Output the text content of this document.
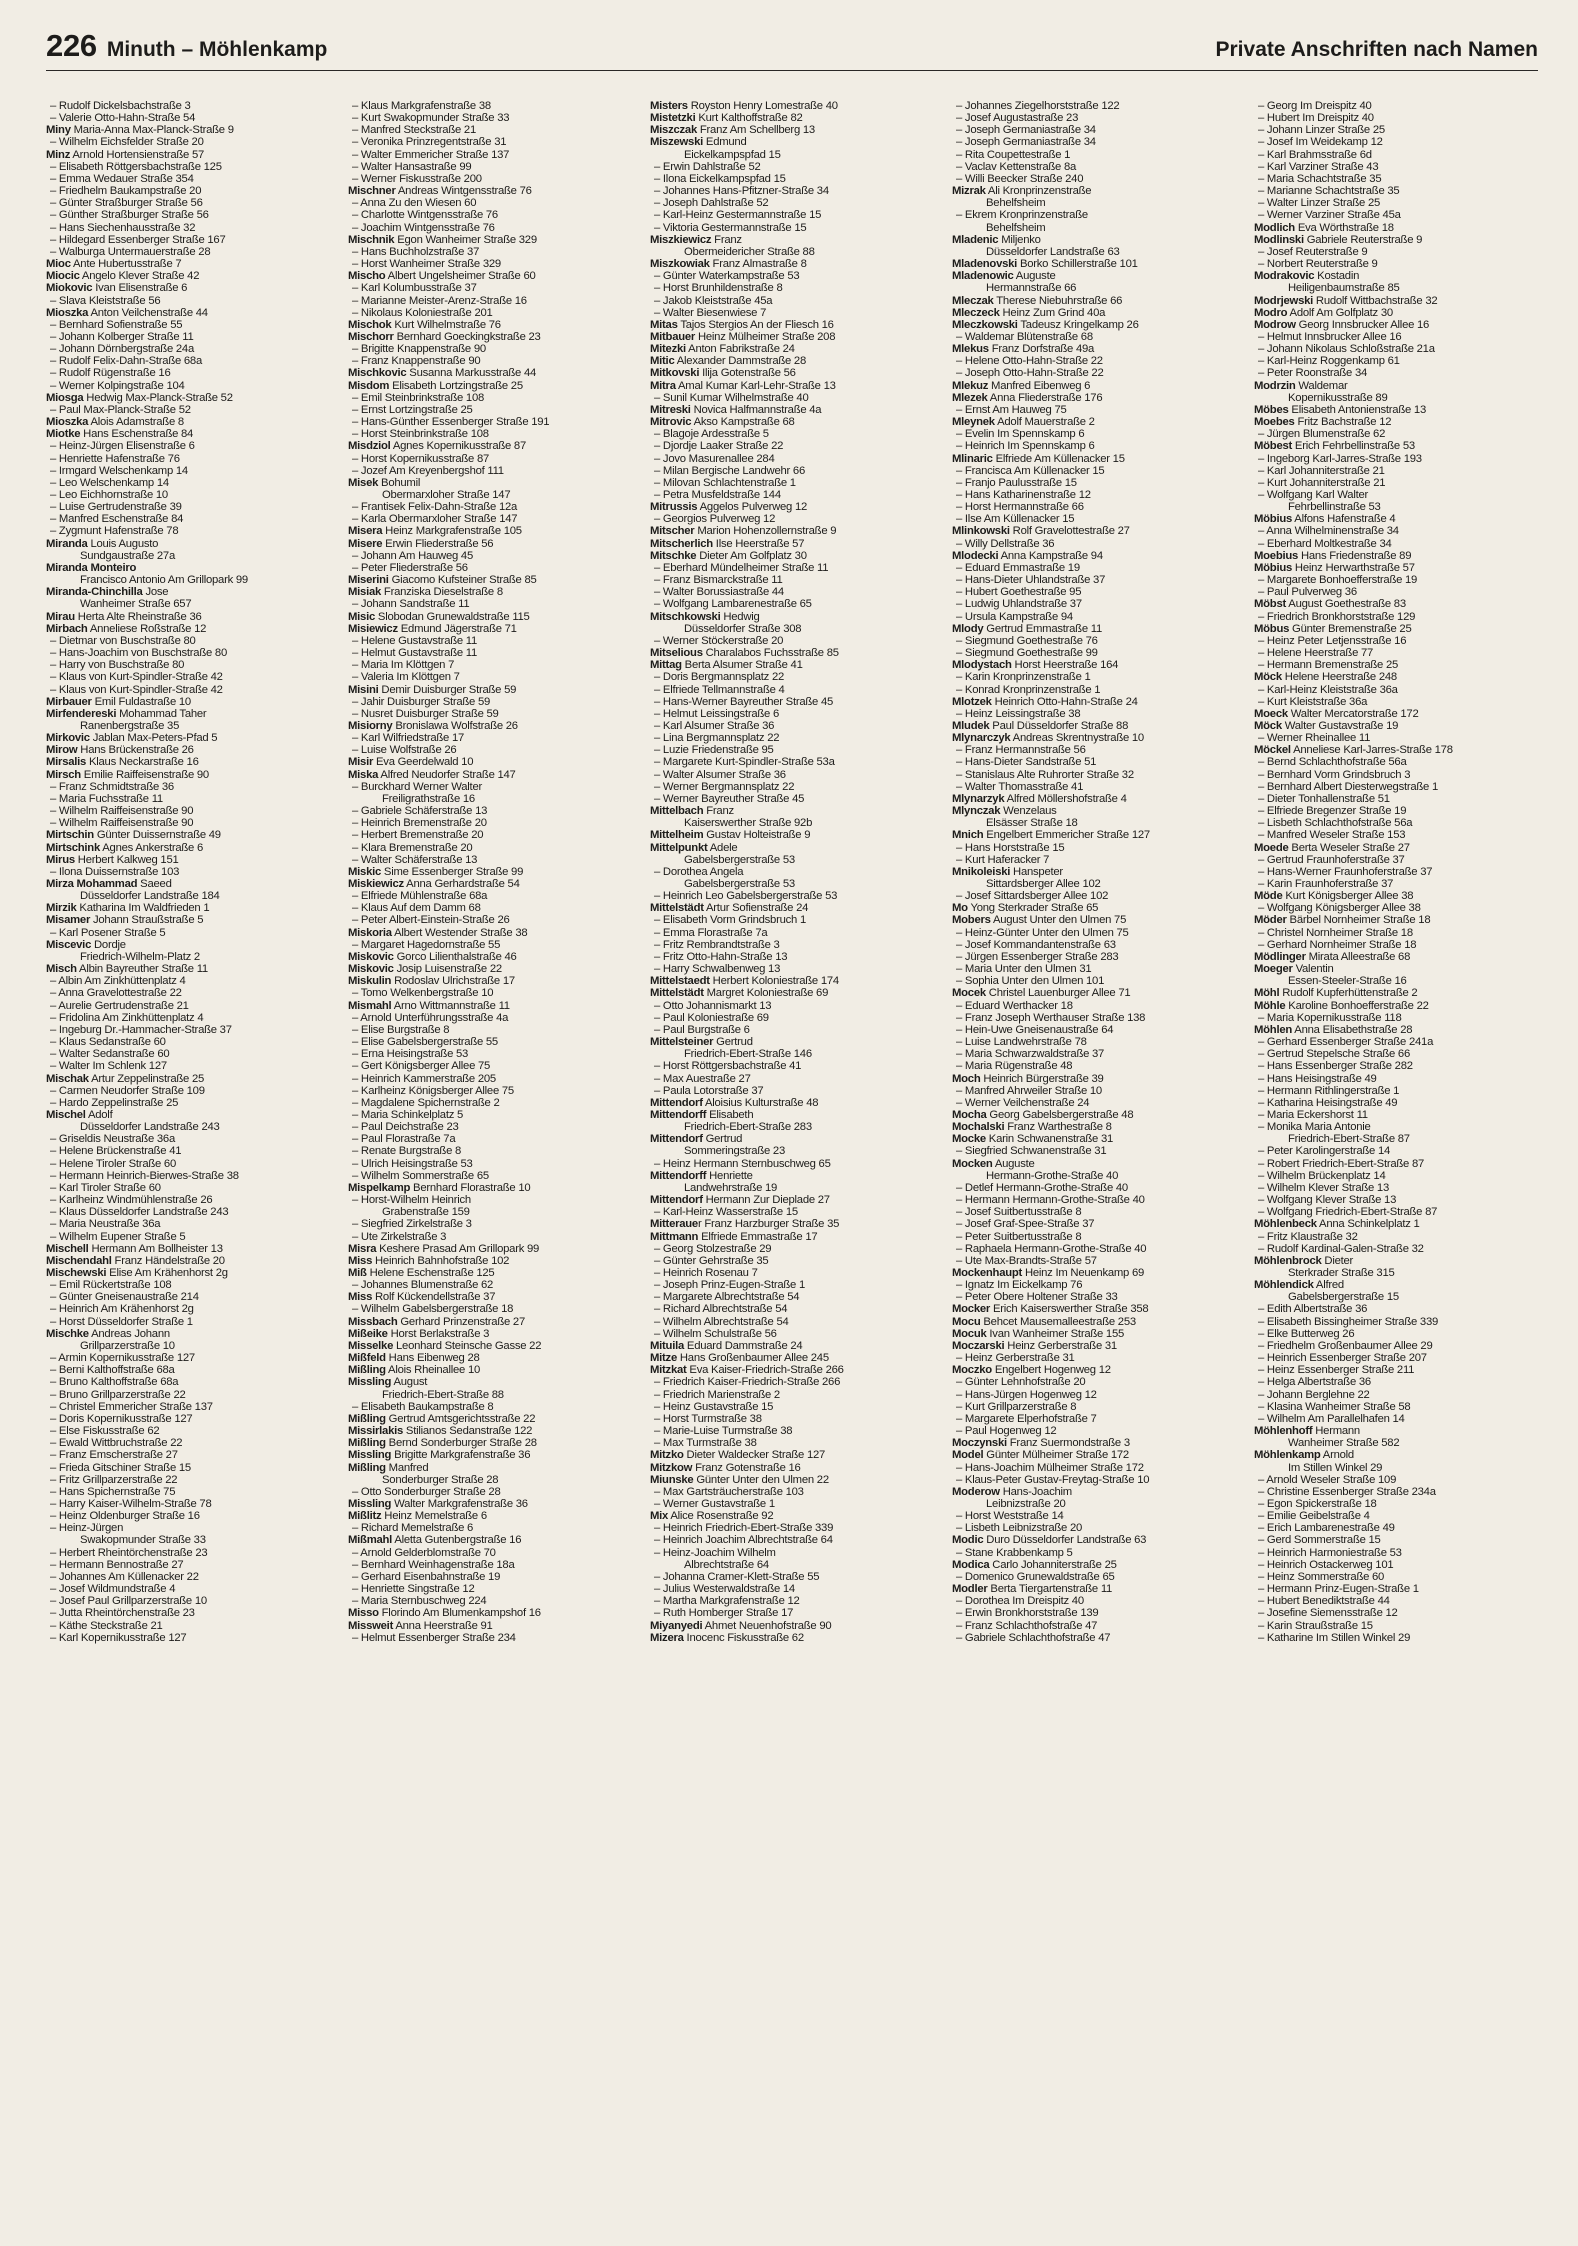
226 Minuth – Möhlenkamp	Private Anschriften nach Namen
– Rudolf Dickelsbachstraße 3
– Valerie Otto-Hahn-Straße 54
Miny Maria-Anna Max-Planck-Straße 9
– Wilhelm Eichsfelder Straße 20
Minz Arnold Hortensienstraße 57
– Elisabeth Röttgersbachstraße 125
– Emma Wedauer Straße 354
– Friedhelm Baukampstraße 20
– Günter Straßburger Straße 56
– Günther Straßburger Straße 56
– Hans Siechenhausstraße 32
– Hildegard Essenberger Straße 167
– Walburga Untermauerstraße 28
Mioc Ante Hubertusstraße 7
Miocic Angelo Klever Straße 42
Miokovic Ivan Elisenstraße 6
– Slava Kleiststraße 56
Mioszka Anton Veilchenstraße 44
– Bernhard Sofienstraße 55
– Johann Kolberger Straße 11
– Johann Dörnbergstraße 24a
– Rudolf Felix-Dahn-Straße 68a
– Rudolf Rügenstraße 16
– Werner Kolpingstraße 104
Miosga Hedwig Max-Planck-Straße 52
– Paul Max-Planck-Straße 52
Mioszka Alois Adamstraße 8
Miotke Hans Eschenstraße 84
– Heinz-Jürgen Elisenstraße 6
– Henriette Hafenstraße 76
– Irmgard Welschenkamp 14
– Leo Welschenkamp 14
– Leo Eichhornstraße 10
– Luise Gertrudenstraße 39
– Manfred Eschenstraße 84
– Zygmunt Hafenstraße 78
Miranda Louis Augusto
Sundgaustraße 27a
Miranda Monteiro
Francisco Antonio Am Grillopark 99
Miranda-Chinchilla Jose
Wanheimer Straße 657
Mirau Herta Alte Rheinstraße 36
Mirbach Anneliese Roßstraße 12
– Dietmar von Buschstraße 80
– Hans-Joachim von Buschstraße 80
– Harry von Buschstraße 80
– Klaus von Kurt-Spindler-Straße 42
– Klaus von Kurt-Spindler-Straße 42
Mirbauer Emil Fuldastraße 10
Mirfendereski Mohammad Taher
Ranenbergstraße 35
Mirkovic Jablan Max-Peters-Pfad 5
Mirow Hans Brückenstraße 26
Mirsalis Klaus Neckarstraße 16
Mirsch Emilie Raiffeisenstraße 90
– Franz Schmidtstraße 36
– Maria Fuchsstraße 11
– Wilhelm Raiffeisenstraße 90
– Wilhelm Raiffeisenstraße 90
Mirtschin Günter Duissernstraße 49
Mirtschink Agnes Ankerstraße 6
Mirus Herbert Kalkweg 151
– Ilona Duissernstraße 103
Mirza Mohammad Saeed
Düsseldorfer Landstraße 184
Mirzik Katharina Im Waldfrieden 1
Misamer Johann Straußstraße 5
– Karl Posener Straße 5
Miscevic Dordje
Friedrich-Wilhelm-Platz 2
Misch Albin Bayreuther Straße 11
– Albin Am Zinkhüttenplatz 4
– Anna Gravelottestraße 22
– Aurelie Gertrudenstraße 21
– Fridolina Am Zinkhüttenplatz 4
– Ingeburg Dr.-Hammacher-Straße 37
– Klaus Sedanstraße 60
– Walter Sedanstraße 60
– Walter Im Schlenk 127
Mischak Artur Zeppelinstraße 25
– Carmen Neudorfer Straße 109
– Hardo Zeppelinstraße 25
Mischel Adolf
Düsseldorfer Landstraße 243
– Griseldis Neustraße 36a
– Helene Brückenstraße 41
– Helene Tiroler Straße 60
– Hermann Heinrich-Bierwes-Straße 38
– Karl Tiroler Straße 60
– Karlheinz Windmühlenstraße 26
– Klaus Düsseldorfer Landstraße 243
– Maria Neustraße 36a
– Wilhelm Eupener Straße 5
Mischell Hermann Am Bollheister 13
Mischendahl Franz Händelstraße 20
Mischewski Elise Am Krähenhorst 2g
– Emil Rückertstraße 108
– Günter Gneisenaustraße 214
– Heinrich Am Krähenhorst 2g
– Horst Düsseldorfer Straße 1
Mischke Andreas Johann
Grillparzerstraße 10
– Armin Kopernikusstraße 127
– Berni Kalthoffstraße 68a
– Bruno Kalthoffstraße 68a
– Bruno Grillparzerstraße 22
– Christel Emmericher Straße 137
– Doris Kopernikusstraße 127
– Else Fiskusstraße 62
– Ewald Wittbruchstraße 22
– Franz Emscherstraße 27
– Frieda Gitschiner Straße 15
– Fritz Grillparzerstraße 22
– Hans Spichernstraße 75
– Harry Kaiser-Wilhelm-Straße 78
– Heinz Oldenburger Straße 16
– Heinz-Jürgen
Swakopmunder Straße 33
– Herbert Rheintörchenstraße 23
– Hermann Bennostraße 27
– Johannes Am Küllenacker 22
– Josef Wildmundstraße 4
– Josef Paul Grillparzerstraße 10
– Jutta Rheintörchenstraße 23
– Käthe Steckstraße 21
– Karl Kopernikusstraße 127
– Klaus Markgrafenstraße 38
– Kurt Swakopmunder Straße 33
– Manfred Steckstraße 21
– Veronika Prinzregentstraße 31
– Walter Emmericher Straße 137
– Walter Hansastraße 99
– Werner Fiskusstraße 200
Mischner Andreas Wintgensstraße 76
– Anna Zu den Wiesen 60
– Charlotte Wintgensstraße 76
– Joachim Wintgensstraße 76
Mischnik Egon Wanheimer Straße 329
– Hans Buchholzstraße 37
– Horst Wanheimer Straße 329
Mischo Albert Ungelsheimer Straße 60
– Karl Kolumbusstraße 37
– Marianne Meister-Arenz-Straße 16
– Nikolaus Koloniestraße 201
Mischok Kurt Wilhelmstraße 76
Mischorr Bernhard Goeckingkstraße 23
– Brigitte Knappenstraße 90
– Franz Knappenstraße 90
Mischkovic Susanna Markusstraße 44
Misdom Elisabeth Lortzingstraße 25
– Emil Steinbrinkstraße 108
– Ernst Lortzingstraße 25
– Hans-Günther Essenberger Straße 191
– Horst Steinbrinkstraße 108
Misdziol Agnes Kopernikusstraße 87
– Horst Kopernikusstraße 87
– Jozef Am Kreyenbergshof 111
Misek Bohumil
Obermarxloher Straße 147
– Frantisek Felix-Dahn-Straße 12a
– Karla Obermarxloher Straße 147
Misera Heinz Markgrafenstraße 105
Misere Erwin Fliederstraße 56
– Johann Am Hauweg 45
– Peter Fliederstraße 56
Miserini Giacomo Kufsteiner Straße 85
Misiak Franziska Dieselstraße 8
– Johann Sandstraße 11
Misic Slobodan Grunewaldstraße 115
Misiewicz Edmund Jägerstraße 71
– Helene Gustavstraße 11
– Helmut Gustavstraße 11
– Maria Im Klöttgen 7
– Valeria Im Klöttgen 7
Misini Demir Duisburger Straße 59
– Jahir Duisburger Straße 59
– Nusret Duisburger Straße 59
Misiorny Bronislawa Wolfstraße 26
– Karl Wilfriedstraße 17
– Luise Wolfstraße 26
Misir Eva Geerdelwald 10
Miska Alfred Neudorfer Straße 147
– Burckhard Werner Walter
Freiligrathstraße 16
– Gabriele Schäferstraße 13
– Heinrich Bremenstraße 20
– Herbert Bremenstraße 20
– Klara Bremenstraße 20
– Walter Schäferstraße 13
Miskic Sime Essenberger Straße 99
Miskiewicz Anna Gerhardstraße 54
– Elfriede Mühlenstraße 68a
– Klaus Auf dem Damm 68
– Peter Albert-Einstein-Straße 26
Miskoria Albert Westender Straße 38
– Margaret Hagedornstraße 55
Miskovic Gorco Lilienthalstraße 46
Miskovic Josip Luisenstraße 22
Miskulin Rodoslav Ulrichstraße 17
– Tomo Welkenbergstraße 10
Mismahl Arno Wittmannstraße 11
– Arnold Unterführungsstraße 4a
– Elise Burgstraße 8
– Elise Gabelsbergerstraße 55
– Erna Heisingstraße 53
– Gert Königsberger Allee 75
– Heinrich Kammerstraße 205
– Karlheinz Königsberger Allee 75
– Magdalene Spichernstraße 2
– Maria Schinkelplatz 5
– Paul Deichstraße 23
– Paul Florastraße 7a
– Renate Burgstraße 8
– Ulrich Heisingstraße 53
– Wilhelm Sommerstraße 65
Mispelkamp Bernhard Florastraße 10
– Horst-Wilhelm Heinrich
Grabenstraße 159
– Siegfried Zirkelstraße 3
– Ute Zirkelstraße 3
Misra Keshere Prasad Am Grillopark 99
Miss Heinrich Bahnhofstraße 102
Miß Helene Eschenstraße 125
– Johannes Blumenstraße 62
Miss Rolf Kückendellstraße 37
– Wilhelm Gabelsbergerstraße 18
Missbach Gerhard Prinzenstraße 27
Mißeike Horst Berlakstraße 3
Misselke Leonhard Steinsche Gasse 22
Mißfeld Hans Eibenweg 28
Mißling Alois Rheinallee 10
Missling August
Friedrich-Ebert-Straße 88
– Elisabeth Baukampstraße 8
Mißling Gertrud Amtsgerichtsstraße 22
Missirlakis Stilianos Sedanstraße 122
Mißling Bernd Sonderburger Straße 28
Missling Brigitte Markgrafenstraße 36
Mißling Manfred
Sonderburger Straße 28
– Otto Sonderburger Straße 28
Missling Walter Markgrafenstraße 36
Mißlitz Heinz Memelstraße 6
– Richard Memelstraße 6
Mißmahl Aletta Gutenbergstraße 16
– Arnold Gelderblomstraße 70
– Bernhard Weinhagenstraße 18a
– Gerhard Eisenbahnstraße 19
– Henriette Singstraße 12
– Maria Sternbuschweg 224
Misso Florindo Am Blumenkampshof 16
Missweit Anna Heerstraße 91
– Helmut Essenberger Straße 234
Misters Royston Henry Lomestraße 40
Mistetzki Kurt Kalthoffstraße 82
Miszczak Franz Am Schellberg 13
Miszewski Edmund
Eickelkampspfad 15
– Erwin Dahlstraße 52
– Ilona Eickelkampspfad 15
– Johannes Hans-Pfitzner-Straße 34
– Joseph Dahlstraße 52
– Karl-Heinz Gestermannstraße 15
– Viktoria Gestermannstraße 15
Miszkiewicz Franz
Obermeidericher Straße 88
Miszkowiak Franz Almastraße 8
– Günter Waterkampstraße 53
– Horst Brunhildenstraße 8
– Jakob Kleiststraße 45a
– Walter Biesenwiese 7
Mitas Tajos Stergios An der Fliesch 16
Mitbauer Heinz Mülheimer Straße 208
Mitezki Anton Fabrikstraße 24
Mitic Alexander Dammstraße 28
Mitkovski Ilija Gotenstraße 56
Mitra Amal Kumar Karl-Lehr-Straße 13
– Sunil Kumar Wilhelmstraße 40
Mitreski Novica Halfmannstraße 4a
Mitrovic Akso Kampstraße 68
– Blagoje Ardesstraße 5
– Djordje Laaker Straße 22
– Jovo Masurenallee 284
– Milan Bergische Landwehr 66
– Milovan Schlachtenstraße 1
– Petra Musfeldstraße 144
Mitrussis Aggelos Pulverweg 12
– Georgios Pulverweg 12
Mitscher Marion Hohenzollernstraße 9
Mitscherlich Ilse Heerstraße 57
Mitschke Dieter Am Golfplatz 30
– Eberhard Mündelheimer Straße 11
– Franz Bismarckstraße 11
– Walter Borussiastraße 44
– Wolfgang Lambarenestraße 65
Mitschkowski Hedwig
Düsseldorfer Straße 308
– Werner Stöckerstraße 20
Mitselious Charalabos Fuchsstraße 85
Mittag Berta Alsumer Straße 41
– Doris Bergmannsplatz 22
– Elfriede Tellmannstraße 4
– Hans-Werner Bayreuther Straße 45
– Helmut Leissingstraße 6
– Karl Alsumer Straße 36
– Lina Bergmannsplatz 22
– Luzie Friedenstraße 95
– Margarete Kurt-Spindler-Straße 53a
– Walter Alsumer Straße 36
– Werner Bergmannsplatz 22
– Werner Bayreuther Straße 45
Mittelbach Franz
Kaiserswerther Straße 92b
Mittelheim Gustav Holteistraße 9
Mittelpunkt Adele
Gabelsbergerstraße 53
– Dorothea Angela
Gabelsbergerstraße 53
– Heinrich Leo Gabelsbergerstraße 53
Mittelstädt Artur Sofienstraße 24
– Elisabeth Vorm Grindsbruch 1
– Emma Florastraße 7a
– Fritz Rembrandtstraße 3
– Fritz Otto-Hahn-Straße 13
– Harry Schwalbenweg 13
Mittelstaedt Herbert Koloniestraße 174
Mittelstädt Margret Koloniestraße 69
– Otto Johannismarkt 13
– Paul Koloniestraße 69
– Paul Burgstraße 6
Mittelsteiner Gertrud
Friedrich-Ebert-Straße 146
– Horst Röttgersbachstraße 41
– Max Auestraße 27
– Paula Lotorstraße 37
Mittendorf Aloisius Kulturstraße 48
Mittendorff Elisabeth
Friedrich-Ebert-Straße 283
Mittendorf Gertrud
Sommeringstraße 23
– Heinz Hermann Sternbuschweg 65
Mittendorff Henriette
Landwehrstraße 19
Mittendorf Hermann Zur Dieplade 27
– Karl-Heinz Wasserstraße 15
Mitterauer Franz Harzburger Straße 35
Mittmann Elfriede Emmastraße 17
– Georg Stolzestraße 29
– Günter Gehrstraße 35
– Heinrich Rosenau 7
– Joseph Prinz-Eugen-Straße 1
– Margarete Albrechtstraße 54
– Richard Albrechtstraße 54
– Wilhelm Albrechtstraße 54
– Wilhelm Schulstraße 56
Mituila Eduard Dammstraße 24
Mitze Hans Großenbaumer Allee 245
Mitzkat Eva Kaiser-Friedrich-Straße 266
– Friedrich Kaiser-Friedrich-Straße 266
– Friedrich Marienstraße 2
– Heinz Gustavstraße 15
– Horst Turmstraße 38
– Marie-Luise Turmstraße 38
– Max Turmstraße 38
Mitzko Dieter Waldecker Straße 127
Mitzkow Franz Gotenstraße 16
Miunske Günter Unter den Ulmen 22
– Max Gartsträucherstraße 103
– Werner Gustavstraße 1
Mix Alice Rosenstraße 92
– Heinrich Friedrich-Ebert-Straße 339
– Heinrich Joachim Albrechtstraße 64
– Heinz-Joachim Wilhelm
Albrechtstraße 64
– Johanna Cramer-Klett-Straße 55
– Julius Westerwaldstraße 14
– Martha Markgrafenstraße 12
– Ruth Homberger Straße 17
Miyanyedi Ahmet Neuenhofstraße 90
Mizera Inocenc Fiskusstraße 62
– Johannes Ziegelhorststraße 122
– Josef Augustastraße 23
– Joseph Germaniastraße 34
– Joseph Germaniastraße 34
– Rita Coupettestraße 1
– Vaclav Kettenstraße 8a
– Willi Beecker Straße 240
Mizrak Ali Kronprinzenstraße
Behelfsheim
– Ekrem Kronprinzenstraße
Behelfsheim
Mladenic Miljenko
Düsseldorfer Landstraße 63
Mladenovski Borko Schillerstraße 101
Mladenowic Auguste
Hermannstraße 66
Mleczak Therese Niebuhrstraße 66
Mleczeck Heinz Zum Grind 40a
Mleczkowski Tadeusz Kringelkamp 26
– Waldemar Blütenstraße 68
Mlekus Franz Dorfstraße 49a
– Helene Otto-Hahn-Straße 22
– Joseph Otto-Hahn-Straße 22
Mlekuz Manfred Eibenweg 6
Mlezek Anna Fliederstraße 176
– Ernst Am Hauweg 75
Mleynek Adolf Mauerstraße 2
– Evelin Im Spennskamp 6
– Heinrich Im Spennskamp 6
Mlinaric Elfriede Am Küllenacker 15
– Francisca Am Küllenacker 15
– Franjo Paulusstraße 15
– Hans Katharinenstraße 12
– Horst Hermannstraße 66
– Ilse Am Küllenacker 15
Mlinkowski Rolf Gravelottestraße 27
– Willy Dellstraße 36
Mlodecki Anna Kampstraße 94
– Eduard Emmastraße 19
– Hans-Dieter Uhlandstraße 37
– Hubert Goethestraße 95
– Ludwig Uhlandstraße 37
– Ursula Kampstraße 94
Mlody Gertrud Emmastraße 11
– Siegmund Goethestraße 76
– Siegmund Goethestraße 99
Mlodystach Horst Heerstraße 164
– Karin Kronprinzenstraße 1
– Konrad Kronprinzenstraße 1
Mlotzek Heinrich Otto-Hahn-Straße 24
– Heinz Leissingstraße 38
Mludek Paul Düsseldorfer Straße 88
Mlynarczyk Andreas Skrentnystraße 10
– Franz Hermannstraße 56
– Hans-Dieter Sandstraße 51
– Stanislaus Alte Ruhrorter Straße 32
– Walter Thomasstraße 41
Mlynarzyk Alfred Möllershofstraße 4
Mlynczak Wenzelaus
Elsässer Straße 18
Mnich Engelbert Emmericher Straße 127
– Hans Horststraße 15
– Kurt Haferacker 7
Mnikoleiski Hanspeter
Sittardsberger Allee 102
– Josef Sittardsberger Allee 102
Mo Yong Sterkrader Straße 65
Mobers August Unter den Ulmen 75
– Heinz-Günter Unter den Ulmen 75
– Josef Kommandantenstraße 63
– Jürgen Essenberger Straße 283
– Maria Unter den Ulmen 31
– Sophia Unter den Ulmen 101
Mocek Christel Lauenburger Allee 71
– Eduard Werthacker 18
– Franz Joseph Werthauser Straße 138
– Hein-Uwe Gneisenaustraße 64
– Luise Landwehrstraße 78
– Maria Schwarzwaldstraße 37
– Maria Rügenstraße 48
Moch Heinrich Bürgerstraße 39
– Manfred Ahrweiler Straße 10
– Werner Veilchenstraße 24
Mocha Georg Gabelsbergerstraße 48
Mochalski Franz Warthestraße 8
Mocke Karin Schwanenstraße 31
– Siegfried Schwanenstraße 31
Mocken Auguste
Hermann-Grothe-Straße 40
– Detlef Hermann-Grothe-Straße 40
– Hermann Hermann-Grothe-Straße 40
– Josef Suitbertusstraße 8
– Josef Graf-Spee-Straße 37
– Peter Suitbertusstraße 8
– Raphaela Hermann-Grothe-Straße 40
– Ute Max-Brandts-Straße 57
Mockenhaupt Heinz Im Neuenkamp 69
– Ignatz Im Eickelkamp 76
– Peter Obere Holtener Straße 33
Mocker Erich Kaiserswerther Straße 358
Mocu Behcet Mausemalleestraße 253
Mocuk Ivan Wanheimer Straße 155
Moczarski Heinz Gerberstraße 31
– Heinz Gerberstraße 31
Moczko Engelbert Hogenweg 12
– Günter Lehnhofstraße 20
– Hans-Jürgen Hogenweg 12
– Kurt Grillparzerstraße 8
– Margarete Elperhofstraße 7
– Paul Hogenweg 12
Moczynski Franz Suermondstraße 3
Model Günter Mülheimer Straße 172
– Hans-Joachim Mülheimer Straße 172
– Klaus-Peter Gustav-Freytag-Straße 10
Moderow Hans-Joachim
Leibnizstraße 20
– Horst Weststraße 14
– Lisbeth Leibnizstraße 20
Modic Duro Düsseldorfer Landstraße 63
– Stane Krabbenkamp 5
Modica Carlo Johanniterstraße 25
– Domenico Grunewaldstraße 65
Modler Berta Tiergartenstraße 11
– Dorothea Im Dreispitz 40
– Erwin Bronkhorststraße 139
– Franz Schlachthofstraße 47
– Gabriele Schlachthofstraße 47
– Georg Im Dreispitz 40
– Hubert Im Dreispitz 40
– Johann Linzer Straße 25
– Josef Im Weidekamp 12
– Karl Brahmsstraße 6d
– Karl Varziner Straße 43
– Maria Schachtstraße 35
– Marianne Schachtstraße 35
– Walter Linzer Straße 25
– Werner Varziner Straße 45a
Modlich Eva Wörthstraße 18
Modlinski Gabriele Reuterstraße 9
– Josef Reuterstraße 9
– Norbert Reuterstraße 9
Modrakovic Kostadin
Heiligenbaumstraße 85
Modrjewski Rudolf Wittbachstraße 32
Modro Adolf Am Golfplatz 30
Modrow Georg Innsbrucker Allee 16
– Helmut Innsbrucker Allee 16
– Johann Nikolaus Schloßstraße 21a
– Karl-Heinz Roggenkamp 61
– Peter Roonstraße 34
Modrzin Waldemar
Kopernikusstraße 89
Möbes Elisabeth Antonienstraße 13
Moebes Fritz Bachstraße 12
– Jürgen Blumenstraße 62
Möbest Erich Fehrbellinstraße 53
– Ingeborg Karl-Jarres-Straße 193
– Karl Johanniterstraße 21
– Kurt Johanniterstraße 21
– Wolfgang Karl Walter
Fehrbellinstraße 53
Möbius Alfons Hafenstraße 4
– Anna Wilhelminenstraße 34
– Eberhard Moltkestraße 34
Moebius Hans Friedenstraße 89
Möbius Heinz Herwarthstraße 57
– Margarete Bonhoefferstraße 19
– Paul Pulverweg 36
Möbst August Goethestraße 83
– Friedrich Bronkhorststraße 129
Möbus Günter Bremenstraße 25
– Heinz Peter Letjensstraße 16
– Helene Heerstraße 77
– Hermann Bremenstraße 25
Möck Helene Heerstraße 248
– Karl-Heinz Kleiststraße 36a
– Kurt Kleiststraße 36a
Moeck Walter Mercatorstraße 172
Möck Walter Gustavstraße 19
– Werner Rheinallee 11
Möckel Anneliese Karl-Jarres-Straße 178
– Bernd Schlachthofstraße 56a
– Bernhard Vorm Grindsbruch 3
– Bernhard Albert Diesterwegstraße 1
– Dieter Tonhallenstraße 51
– Elfriede Bregenzer Straße 19
– Lisbeth Schlachthofstraße 56a
– Manfred Weseler Straße 153
Moede Berta Weseler Straße 27
– Gertrud Fraunhoferstraße 37
– Hans-Werner Fraunhoferstraße 37
– Karin Fraunhoferstraße 37
Möde Kurt Königsberger Allee 38
– Wolfgang Königsberger Allee 38
Möder Bärbel Nornheimer Straße 18
– Christel Nornheimer Straße 18
– Gerhard Nornheimer Straße 18
Mödlinger Mirata Alleestraße 68
Moeger Valentin
Essen-Steeler-Straße 16
Möhl Rudolf Kupferhüttenstraße 2
Möhle Karoline Bonhoefferstraße 22
– Maria Kopernikusstraße 118
Möhlen Anna Elisabethstraße 28
– Gerhard Essenberger Straße 241a
– Gertrud Stepelsche Straße 66
– Hans Essenberger Straße 282
– Hans Heisingstraße 49
– Hermann Rithlingerstraße 1
– Katharina Heisingstraße 49
– Maria Eckershorst 11
– Monika Maria Antonie
Friedrich-Ebert-Straße 87
– Peter Karolingerstraße 14
– Robert Friedrich-Ebert-Straße 87
– Wilhelm Brückenplatz 14
– Wilhelm Klever Straße 13
– Wolfgang Klever Straße 13
– Wolfgang Friedrich-Ebert-Straße 87
Möhlenbeck Anna Schinkelplatz 1
– Fritz Klaustraße 32
– Rudolf Kardinal-Galen-Straße 32
Möhlenbrock Dieter
Sterkrader Straße 315
Möhlendick Alfred
Gabelsbergerstraße 15
– Edith Albertstraße 36
– Elisabeth Bissingheimer Straße 339
– Elke Butterweg 26
– Friedhelm Großenbaumer Allee 29
– Heinrich Essenberger Straße 207
– Heinz Essenberger Straße 211
– Helga Albertstraße 36
– Johann Berglehne 22
– Klasina Wanheimer Straße 58
– Wilhelm Am Parallelhafen 14
Möhlenhoff Hermann
Wanheimer Straße 582
Möhlenkamp Arnold
Im Stillen Winkel 29
– Arnold Weseler Straße 109
– Christine Essenberger Straße 234a
– Egon Spickerstraße 18
– Emilie Geibelstraße 4
– Erich Lambarenestraße 49
– Gerd Sommerstraße 15
– Heinrich Harmoniestraße 53
– Heinrich Ostackerweg 101
– Heinz Sommerstraße 60
– Hermann Prinz-Eugen-Straße 1
– Hubert Benediktstraße 44
– Josefine Siemensstraße 12
– Karin Straußstraße 15
– Katharine Im Stillen Winkel 29
